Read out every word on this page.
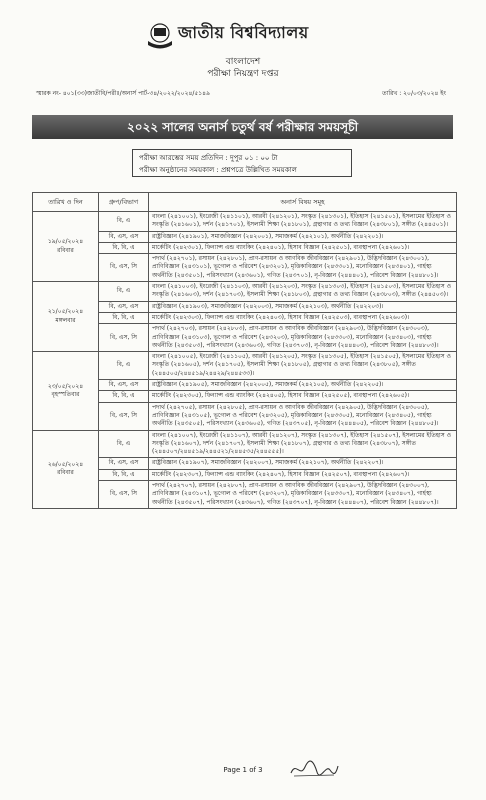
জাতীয় বিশ্ববিদ্যালয়
বাংলাদেশ
পরীক্ষা নিয়ন্ত্রণ দপ্তর
স্মারক নং- ৪০১(৩৩)জাতীবি/পরীঃ/অনার্স পার্ট-৩৪/২০২২/২০২৪/৫১৪৯	তারিখ : ২০/০৩/২০২৪ ইং
২০২২ সালের অনার্স চতুর্থ বর্ষ পরীক্ষার সময়সূচী
পরীক্ষা আরম্ভের সময় প্রতিদিন : দুপুর ০১ : ০০ টা
পরীক্ষা অনুষ্ঠানের সময়কাল : প্রশ্নপত্রে উল্লিখিত সময়কাল
তারিখ ও দিন	গ্রুপ/বিভাগ	অনার্স বিষয় সমূহ

১৯/০৫/২০২৪
রবিবার	বি, এ	বাংলা (২৪১০০১), ইংরেজী (২৪১১০১), আরবী (২৪১২০১), সংস্কৃত (২৪১৩০১), ইতিহাস (২৪১৫০১), ইসলামের ইতিহাস ও সংস্কৃতি (২৪১৬০১), দর্শন (২৪১৭০১), ইসলামী শিক্ষা (২৪১৮০১), গ্রন্থাগার ও তথ্য বিজ্ঞান (২৪৩৮০১), সঙ্গীত (২৪৪৫০১)।
	বি, এস, এস	রাষ্ট্রবিজ্ঞান (২৪১৯০১), সমাজবিজ্ঞান (২৪২০০১), সমাজকর্ম (২৪২১০১), অর্থনীতি (২৪২২০১)।
	বি, বি, এ	মার্কেটিং (২৪২৩০১), ফিন্যান্স এন্ড ব্যাংকিং (২৪২৪০১), হিসাব বিজ্ঞান (২৪২৫০১), ব্যবস্থাপনা (২৪২৬০১)।
	বি, এস, সি	পদার্থ (২৪২৭০১), রসায়ন (২৪২৮০১), প্রাণ-রসায়ন ও আণবিক জীববিজ্ঞান (২৪২৯০১), উদ্ভিদবিজ্ঞান (২৪৩০০১), প্রাণিবিজ্ঞান (২৪৩১০১), ভূগোল ও পরিবেশ (২৪৩২০১), মৃত্তিকাবিজ্ঞান (২৪৩৩০১), মনোবিজ্ঞান (২৪৩৪০১), গার্হস্থ্য অর্থনীতি (২৪৩৫০১), পরিসংখ্যান (২৪৩৬০১), গণিত (২৪৩৭০১), নৃ-বিজ্ঞান (২৪৪৪০১), পরিবেশ বিজ্ঞান (২৪৪৮০১)।

২১/০৫/২০২৪
মঙ্গলবার	বি, এ	বাংলা (২৪১০০৩), ইংরেজী (২৪১১০৩), আরবী (২৪১২০৩), সংস্কৃত (২৪১৩০৩), ইতিহাস (২৪১৫০৩), ইসলামের ইতিহাস ও সংস্কৃতি (২৪১৬০৩), দর্শন (২৪১৭০৩), ইসলামী শিক্ষা (২৪১৮০৩), গ্রন্থাগার ও তথ্য বিজ্ঞান (২৪৩৮০৩), সঙ্গীত (২৪৪৫০৩)।
	বি, এস, এস	রাষ্ট্রবিজ্ঞান (২৪১৯০৩), সমাজবিজ্ঞান (২৪২০০৩), সমাজকর্ম (২৪২১০৩), অর্থনীতি (২৪২২০৩)।
	বি, বি, এ	মার্কেটিং (২৪২৩০৩), ফিন্যান্স এন্ড ব্যাংকিং (২৪২৪০৩), হিসাব বিজ্ঞান (২৪২৫০৩), ব্যবস্থাপনা (২৪২৬০৩)।
	বি, এস, সি	পদার্থ (২৪২৭০৩), রসায়ন (২৪২৮০৩), প্রাণ-রসায়ন ও আণবিক জীববিজ্ঞান (২৪২৯০৩), উদ্ভিদবিজ্ঞান (২৪৩০০৩), প্রাণিবিজ্ঞান (২৪৩১০৩), ভূগোল ও পরিবেশ (২৪৩২০৩), মৃত্তিকাবিজ্ঞান (২৪৩৩০৩), মনোবিজ্ঞান (২৪৩৪০৩), গার্হস্থ্য অর্থনীতি (২৪৩৫০৩), পরিসংখ্যান (২৪৩৬০৩), গণিত (২৪৩৭০৩), নৃ-বিজ্ঞান (২৪৪৪০৩), পরিবেশ বিজ্ঞান (২৪৪৮০৩)।

২৩/০৫/২০২৪
বৃহস্পতিবার	বি, এ	বাংলা (২৪১০০৫), ইংরেজী (২৪১১০৫), আরবী (২৪১২০৫), সংস্কৃত (২৪১৩০৫), ইতিহাস (২৪১৫০৫), ইসলামের ইতিহাস ও সংস্কৃতি (২৪১৬০৫), দর্শন (২৪১৭০৫), ইসলামী শিক্ষা (২৪১৮০৫), গ্রন্থাগার ও তথ্য বিজ্ঞান (২৪৩৮০৫), সঙ্গীত (২৪৪৫০৫/২৪৪৫১৯/২৪৪২৯/২৪৪৫৩৩)।
	বি, এস, এস	রাষ্ট্রবিজ্ঞান (২৪১৯০৫), সমাজবিজ্ঞান (২৪২০০৫), সমাজকর্ম (২৪২১০৫), অর্থনীতি (২৪২২০৫)।
	বি, বি, এ	মার্কেটিং (২৪২৩০৫), ফিন্যান্স এন্ড ব্যাংকিং (২৪২৪০৫), হিসাব বিজ্ঞান (২৪২৫০৫), ব্যবস্থাপনা (২৪২৬০৫)।
	বি, এস, সি	পদার্থ (২৪২৭০৫), রসায়ন (২৪২৮০৫), প্রাণ-রসায়ন ও আণবিক জীববিজ্ঞান (২৪২৯০৫), উদ্ভিদবিজ্ঞান (২৪৩০০৫), প্রাণিবিজ্ঞান (২৪৩১০৫), ভূগোল ও পরিবেশ (২৪৩২০৫), মৃত্তিকাবিজ্ঞান (২৪৩৩০৫), মনোবিজ্ঞান (২৪৩৪০৫), গার্হস্থ্য অর্থনীতি (২৪৩৫০৫), পরিসংখ্যান (২৪৩৬০৫), গণিত (২৪৩৭০৫), নৃ-বিজ্ঞান (২৪৪৪০৫), পরিবেশ বিজ্ঞান (২৪৪৮০৫)।

২৬/০৫/২০২৪
রবিবার	বি, এ	বাংলা (২৪১০০৭), ইংরেজী (২৪১১০৭), আরবী (২৪১২০৭), সংস্কৃত (২৪১৩০৭), ইতিহাস (২৪১৫০৭), ইসলামের ইতিহাস ও সংস্কৃতি (২৪১৬০৭), দর্শন (২৪১৭০৭), ইসলামী শিক্ষা (২৪১৮০৭), গ্রন্থাগার ও তথ্য বিজ্ঞান (২৪৩৮০৭), সঙ্গীত (২৪৪৫০৭/২৪৪৫১৯/২৪৪৫২১/২৪৪৫৩৫/২৪৪৫৫৫)।
	বি, এস, এস	রাষ্ট্রবিজ্ঞান (২৪১৯০৭), সমাজবিজ্ঞান (২৪২০০৭), সমাজকর্ম (২৪২১০৭), অর্থনীতি (২৪২২০৭)।
	বি, বি, এ	মার্কেটিং (২৪২৩০৭), ফিন্যান্স এন্ড ব্যাংকিং (২৪২৪০৭), হিসাব বিজ্ঞান (২৪২৫০৭), ব্যবস্থাপনা (২৪২৬০৭)।
	বি, এস, সি	পদার্থ (২৪২৭০৭), রসায়ন (২৪২৮০৭), প্রাণ-রসায়ন ও আণবিক জীববিজ্ঞান (২৪২৯০৭), উদ্ভিদবিজ্ঞান (২৪৩০০৭), প্রাণিবিজ্ঞান (২৪৩১০৭), ভূগোল ও পরিবেশ (২৪৩২০৭), মৃত্তিকাবিজ্ঞান (২৪৩৩০৭), মনোবিজ্ঞান (২৪৩৪০৭), গার্হস্থ্য অর্থনীতি (২৪৩৫০৭), পরিসংখ্যান (২৪৩৬০৭), গণিত (২৪৩৭০৭), নৃ-বিজ্ঞান (২৪৪৪০৭), পরিবেশ বিজ্ঞান (২৪৪৮০৭)।
Page 1 of 3
